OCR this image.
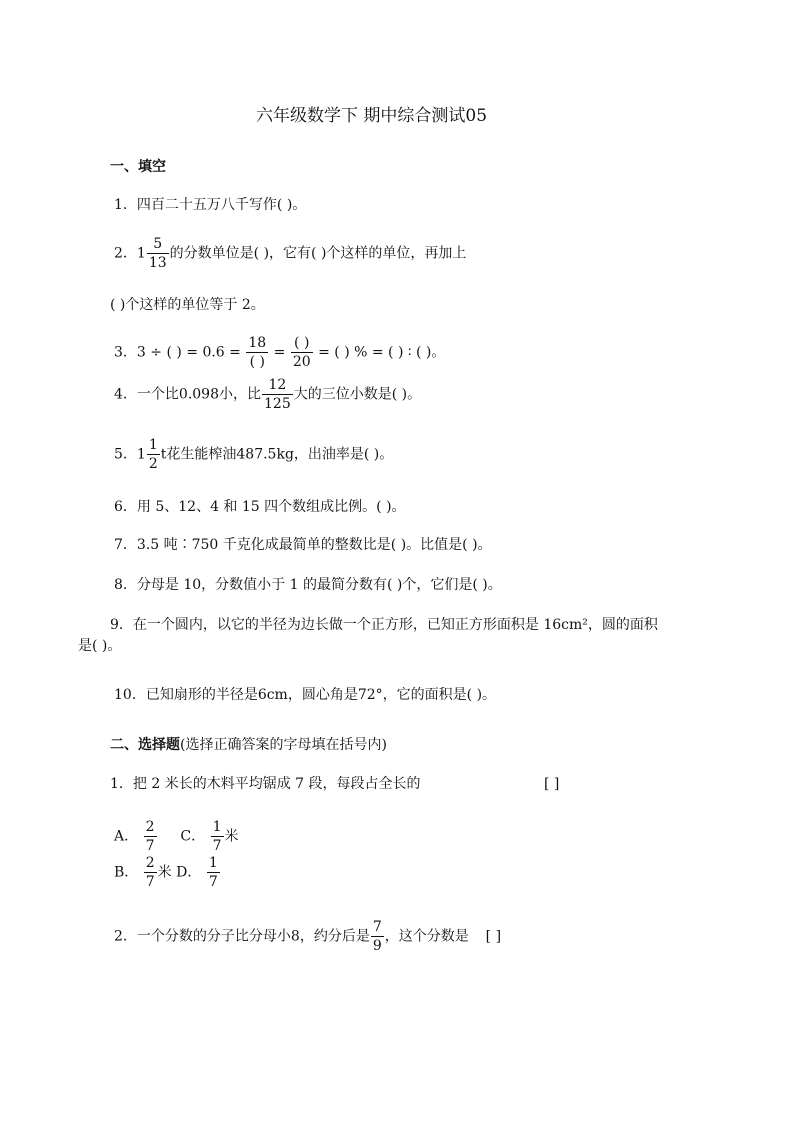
六年级数学下 期中综合测试05
一、填空
1．四百二十五万八千写作( )。
2．$1 \frac{5}{13}$ 的分数单位是( )，它有( )个这样的单位，再加上
( )个这样的单位等于 2。
3．3 ÷ ( ) = $0.6 = \frac{18}{( )} = \frac{( )}{20}$ = ( ) % = ( ) ∶ ( )。
4．一个比0.098小，比 $\frac{12}{125}$ 大的三位小数是( )。
5．$1 \frac{1}{2}$ t花生能榨油487.5kg，出油率是( )。
6．用 5、12、4 和 15 四个数组成比例。( )。
7．3.5 吨∶750 千克化成最简单的整数比是( )。比值是( )。
8．分母是 10，分数值小于 1 的最简分数有( )个，它们是( )。
9．在一个圆内，以它的半径为边长做一个正方形，已知正方形面积是 16cm²，圆的面积
是( )。
10．已知扇形的半径是6cm，圆心角是72°，它的面积是( )。
二、选择题(选择正确答案的字母填在括号内)
1．把 2 米长的木料平均锯成 7 段，每段占全长的	[ ]
A． $\frac{2}{7}$ C． $\frac{1}{7}$ 米
B． $\frac{2}{7}$ 米 D． $\frac{1}{7}$
2．一个分数的分子比分母小8，约分后是 $\frac{7}{9}$ ，这个分数是 [ ]
